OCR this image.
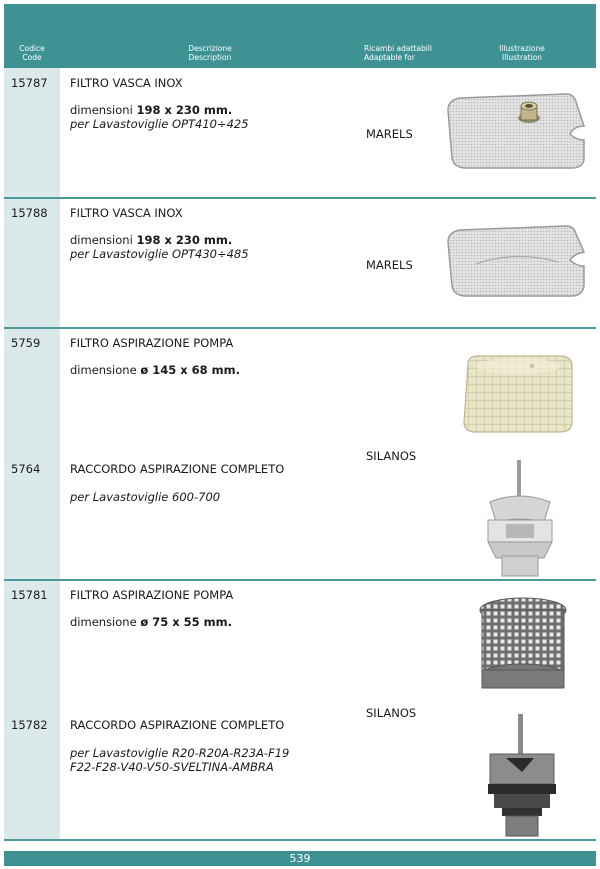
Codice
Code
Descrizione
Description
Ricambi adattabili
Adaptable for
Illustrazione
Illustration
15787 FILTRO VASCA INOX
dimensioni 198 x 230 mm.
per Lavastoviglie OPT410÷425
MARELS
15788 FILTRO VASCA INOX
dimensioni 198 x 230 mm.
per Lavastoviglie OPT430÷485
MARELS
5759	FILTRO ASPIRAZIONE POMPA
dimensione ø 145 x 68 mm.
SILANOS
5764	RACCORDO ASPIRAZIONE COMPLETO
per Lavastoviglie 600-700
15781 FILTRO ASPIRAZIONE POMPA
dimensione ø 75 x 55 mm.
SILANOS
15782 RACCORDO ASPIRAZIONE COMPLETO
per Lavastoviglie R20-R20A-R23A-F19
F22-F28-V40-V50-SVELTINA-AMBRA
539
